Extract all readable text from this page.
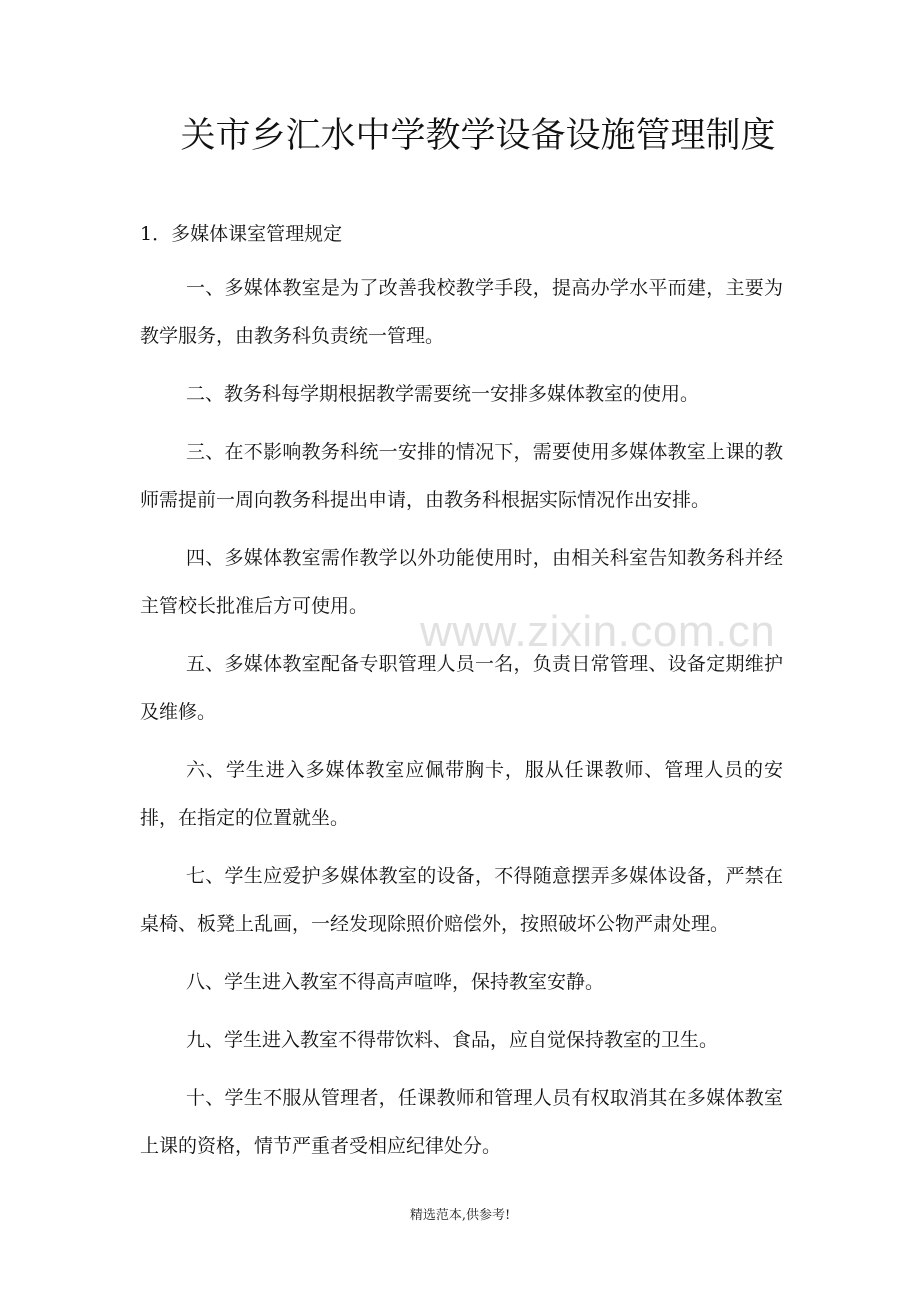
关市乡汇水中学教学设备设施管理制度
1．多媒体课室管理规定

一、多媒体教室是为了改善我校教学手段，提高办学水平而建，主要为教学服务，由教务科负责统一管理。

二、教务科每学期根据教学需要统一安排多媒体教室的使用。

三、在不影响教务科统一安排的情况下，需要使用多媒体教室上课的教师需提前一周向教务科提出申请，由教务科根据实际情况作出安排。

四、多媒体教室需作教学以外功能使用时，由相关科室告知教务科并经主管校长批准后方可使用。

五、多媒体教室配备专职管理人员一名，负责日常管理、设备定期维护及维修。

六、学生进入多媒体教室应佩带胸卡，服从任课教师、管理人员的安排，在指定的位置就坐。

七、学生应爱护多媒体教室的设备，不得随意摆弄多媒体设备，严禁在桌椅、板凳上乱画，一经发现除照价赔偿外，按照破坏公物严肃处理。

八、学生进入教室不得高声喧哗，保持教室安静。

九、学生进入教室不得带饮料、食品，应自觉保持教室的卫生。

十、学生不服从管理者，任课教师和管理人员有权取消其在多媒体教室上课的资格，情节严重者受相应纪律处分。

www.zixin.com.cn
精选范本,供参考!
